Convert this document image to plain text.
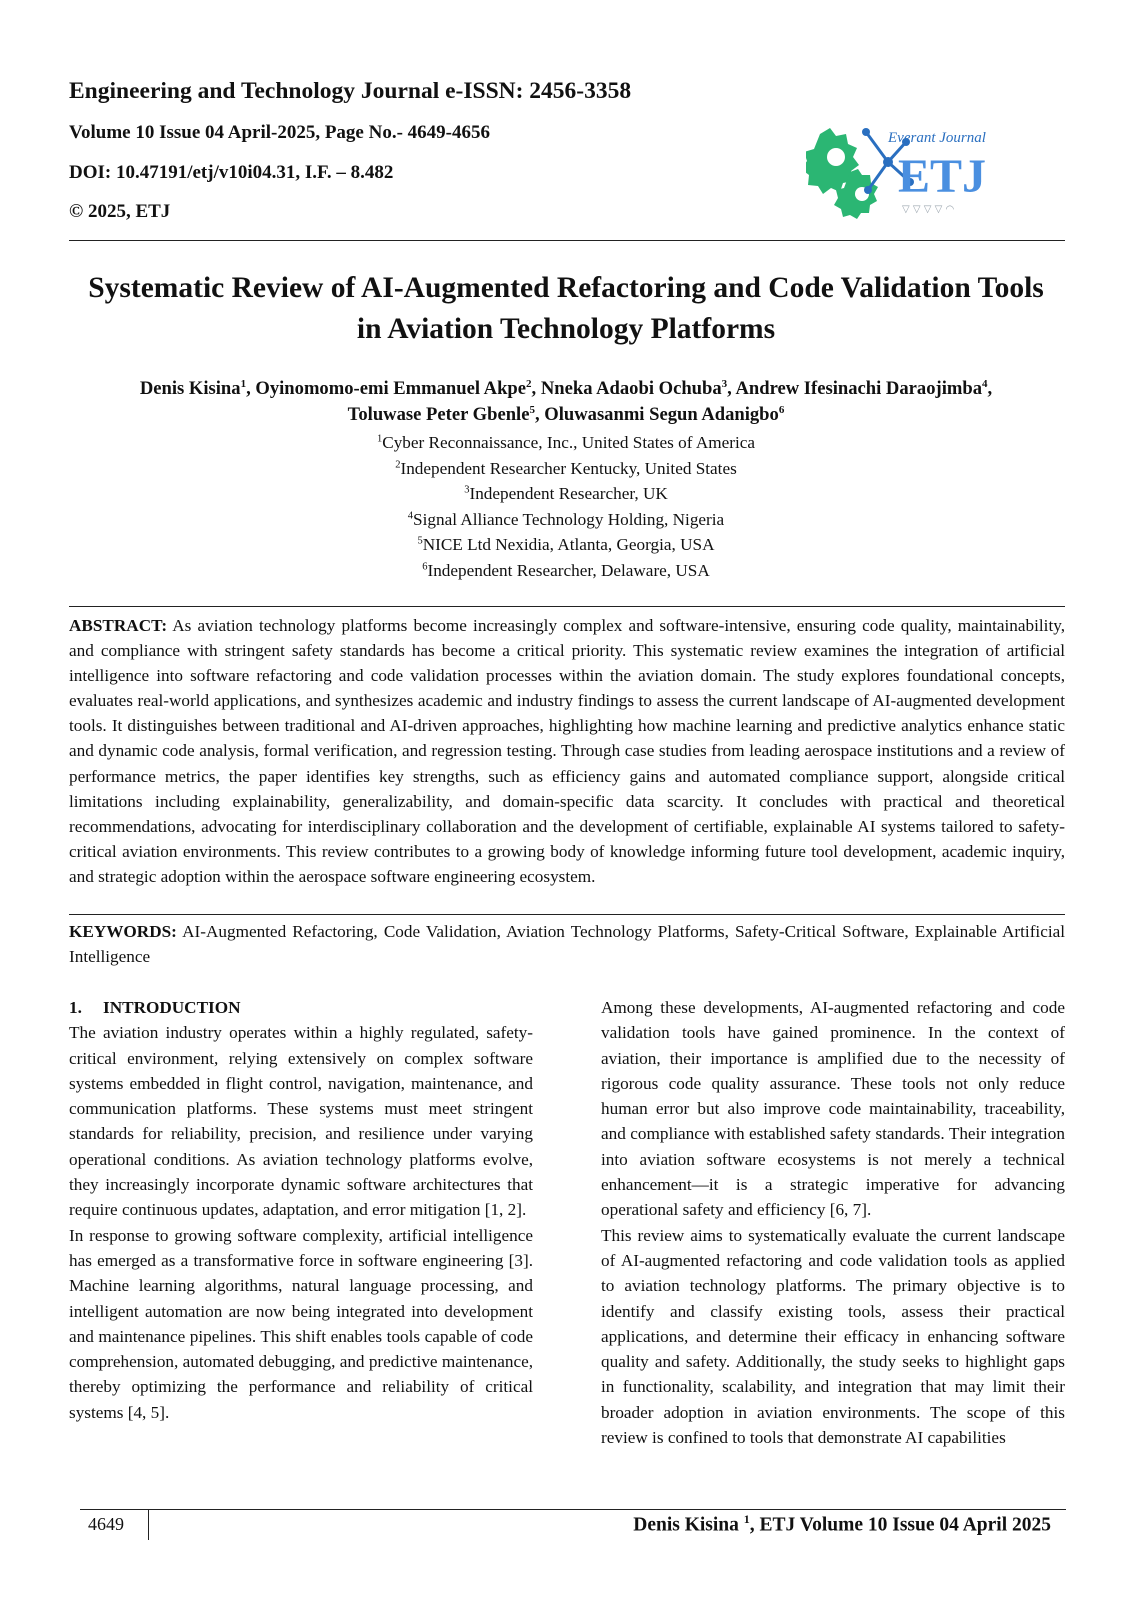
Engineering and Technology Journal e-ISSN: 2456-3358

Volume 10 Issue 04 April-2025, Page No.- 4649-4656

DOI: 10.47191/etj/v10i04.31, I.F. – 8.482

© 2025, ETJ

Everant Journal
ETJ
▽ ▽ ▽ ▽ ◠
Systematic Review of AI-Augmented Refactoring and Code Validation Tools
in Aviation Technology Platforms

Denis Kisina$^1$, Oyinomomo-emi Emmanuel Akpe$^2$, Nneka Adaobi Ochuba$^3$, Andrew Ifesinachi Daraojimba$^4$,
Toluwase Peter Gbenle$^5$, Oluwasanmi Segun Adanigbo$^6$

$^1$Cyber Reconnaissance, Inc., United States of America
$^2$Independent Researcher Kentucky, United States
$^3$Independent Researcher, UK
$^4$Signal Alliance Technology Holding, Nigeria
$^5$NICE Ltd Nexidia, Atlanta, Georgia, USA
$^6$Independent Researcher, Delaware, USA

ABSTRACT: As aviation technology platforms become increasingly complex and software-intensive, ensuring code quality, maintainability, and compliance with stringent safety standards has become a critical priority. This systematic review examines the integration of artificial intelligence into software refactoring and code validation processes within the aviation domain. The study explores foundational concepts, evaluates real-world applications, and synthesizes academic and industry findings to assess the current landscape of AI-augmented development tools. It distinguishes between traditional and AI-driven approaches, highlighting how machine learning and predictive analytics enhance static and dynamic code analysis, formal verification, and regression testing. Through case studies from leading aerospace institutions and a review of performance metrics, the paper identifies key strengths, such as efficiency gains and automated compliance support, alongside critical limitations including explainability, generalizability, and domain-specific data scarcity. It concludes with practical and theoretical recommendations, advocating for interdisciplinary collaboration and the development of certifiable, explainable AI systems tailored to safety-critical aviation environments. This review contributes to a growing body of knowledge informing future tool development, academic inquiry, and strategic adoption within the aerospace software engineering ecosystem.

KEYWORDS: AI-Augmented Refactoring, Code Validation, Aviation Technology Platforms, Safety-Critical Software, Explainable Artificial Intelligence

1. INTRODUCTION

The aviation industry operates within a highly regulated, safety-critical environment, relying extensively on complex software systems embedded in flight control, navigation, maintenance, and communication platforms. These systems must meet stringent standards for reliability, precision, and resilience under varying operational conditions. As aviation technology platforms evolve, they increasingly incorporate dynamic software architectures that require continuous updates, adaptation, and error mitigation [1, 2].

In response to growing software complexity, artificial intelligence has emerged as a transformative force in software engineering [3]. Machine learning algorithms, natural language processing, and intelligent automation are now being integrated into development and maintenance pipelines. This shift enables tools capable of code comprehension, automated debugging, and predictive maintenance, thereby optimizing the performance and reliability of critical systems [4, 5].

Among these developments, AI-augmented refactoring and code validation tools have gained prominence. In the context of aviation, their importance is amplified due to the necessity of rigorous code quality assurance. These tools not only reduce human error but also improve code maintainability, traceability, and compliance with established safety standards. Their integration into aviation software ecosystems is not merely a technical enhancement—it is a strategic imperative for advancing operational safety and efficiency [6, 7].

This review aims to systematically evaluate the current landscape of AI-augmented refactoring and code validation tools as applied to aviation technology platforms. The primary objective is to identify and classify existing tools, assess their practical applications, and determine their efficacy in enhancing software quality and safety. Additionally, the study seeks to highlight gaps in functionality, scalability, and integration that may limit their broader adoption in aviation environments. The scope of this review is confined to tools that demonstrate AI capabilities

4649	Denis Kisina $^1$, ETJ Volume 10 Issue 04 April 2025
